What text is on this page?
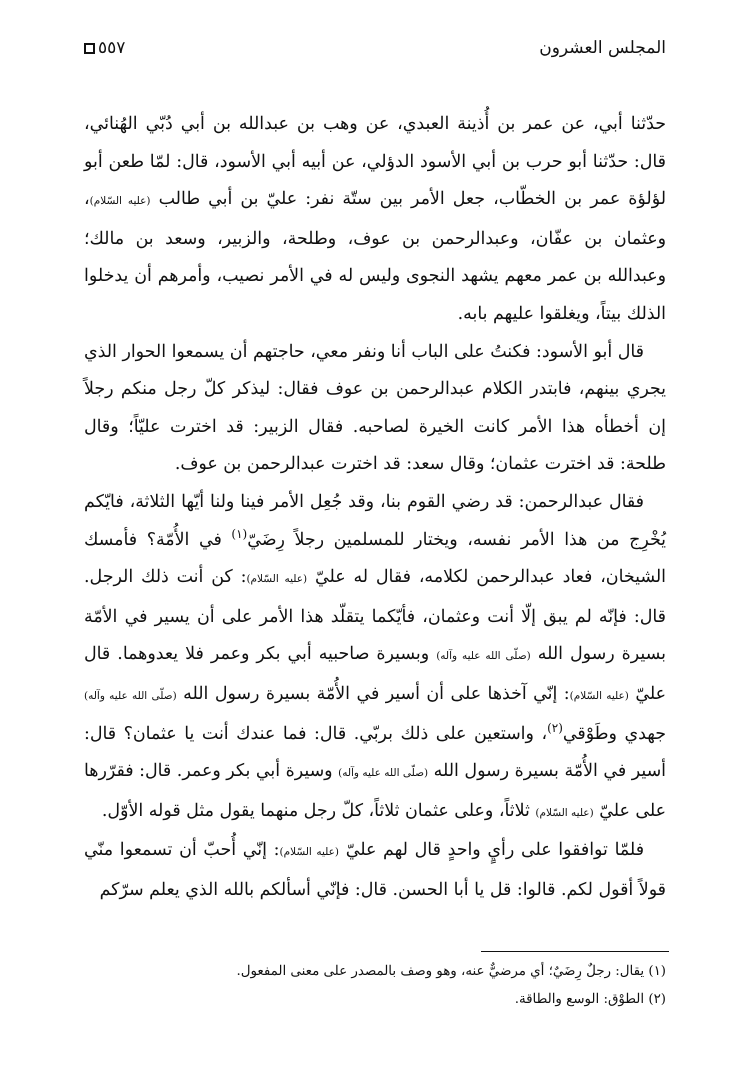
المجلس العشرون
٥٥٧

حدّثنا أبي، عن عمر بن أُذينة العبدي، عن وهب بن عبدالله بن أبي دُبّي الهُنائي، قال: حدّثنا أبو حرب بن أبي الأسود الدؤلي، عن أبيه أبي الأسود، قال: لمّا طعن أبو لؤلؤة عمر بن الخطّاب، جعل الأمر بين ستّة نفر: عليّ بن أبي طالب (عليه السّلام)، وعثمان بن عفّان، وعبدالرحمن بن عوف، وطلحة، والزبير، وسعد بن مالك؛ وعبدالله بن عمر معهم يشهد النجوى وليس له في الأمر نصيب، وأمرهم أن يدخلوا الذلك بيتاً، ويغلقوا عليهم بابه.

قال أبو الأسود: فكنتُ على الباب أنا ونفر معي، حاجتهم أن يسمعوا الحوار الذي يجري بينهم، فابتدر الكلام عبدالرحمن بن عوف فقال: ليذكر كلّ رجل منكم رجلاً إن أخطأه هذا الأمر كانت الخيرة لصاحبه. فقال الزبير: قد اخترت عليّاً؛ وقال طلحة: قد اخترت عثمان؛ وقال سعد: قد اخترت عبدالرحمن بن عوف.

فقال عبدالرحمن: قد رضي القوم بنا، وقد جُعِل الأمر فينا ولنا أيّها الثلاثة، فايّكم يُخْرِج من هذا الأمر نفسه، ويختار للمسلمين رجلاً رِضَيّ$^{(١)}$ في الأُمّة؟ فأمسك الشيخان، فعاد عبدالرحمن لكلامه، فقال له عليّ (عليه السّلام): كن أنت ذلك الرجل. قال: فإنّه لم يبق إلّا أنت وعثمان، فأيّكما يتقلّد هذا الأمر على أن يسير في الأمّة بسيرة رسول الله (صلّى الله عليه وآله) وبسيرة صاحبيه أبي بكر وعمر فلا يعدوهما. قال عليّ (عليه السّلام): إنّي آخذها على أن أسير في الأُمّة بسيرة رسول الله (صلّى الله عليه وآله) جهدي وطَوْقي$^{(٢)}$، واستعين على ذلك بربّي. قال: فما عندك أنت يا عثمان؟ قال: أسير في الأُمّة بسيرة رسول الله (صلّى الله عليه وآله) وسيرة أبي بكر وعمر. قال: فقرّرها على عليّ (عليه السّلام) ثلاثاً، وعلى عثمان ثلاثاً، كلّ رجل منهما يقول مثل قوله الأوّل.

فلمّا توافقوا على رأيٍ واحدٍ قال لهم عليّ (عليه السّلام): إنّي أُحبّ أن تسمعوا منّي قولاً أقول لكم. قالوا: قل يا أبا الحسن. قال: فإنّي أسألكم بالله الذي يعلم سرّكم

(١) يقال: رجلٌ رِضَيٌ؛ أي مرضيٌّ عنه، وهو وصف بالمصدر على معنى المفعول.

(٢) الطوْق: الوسع والطاقة.
